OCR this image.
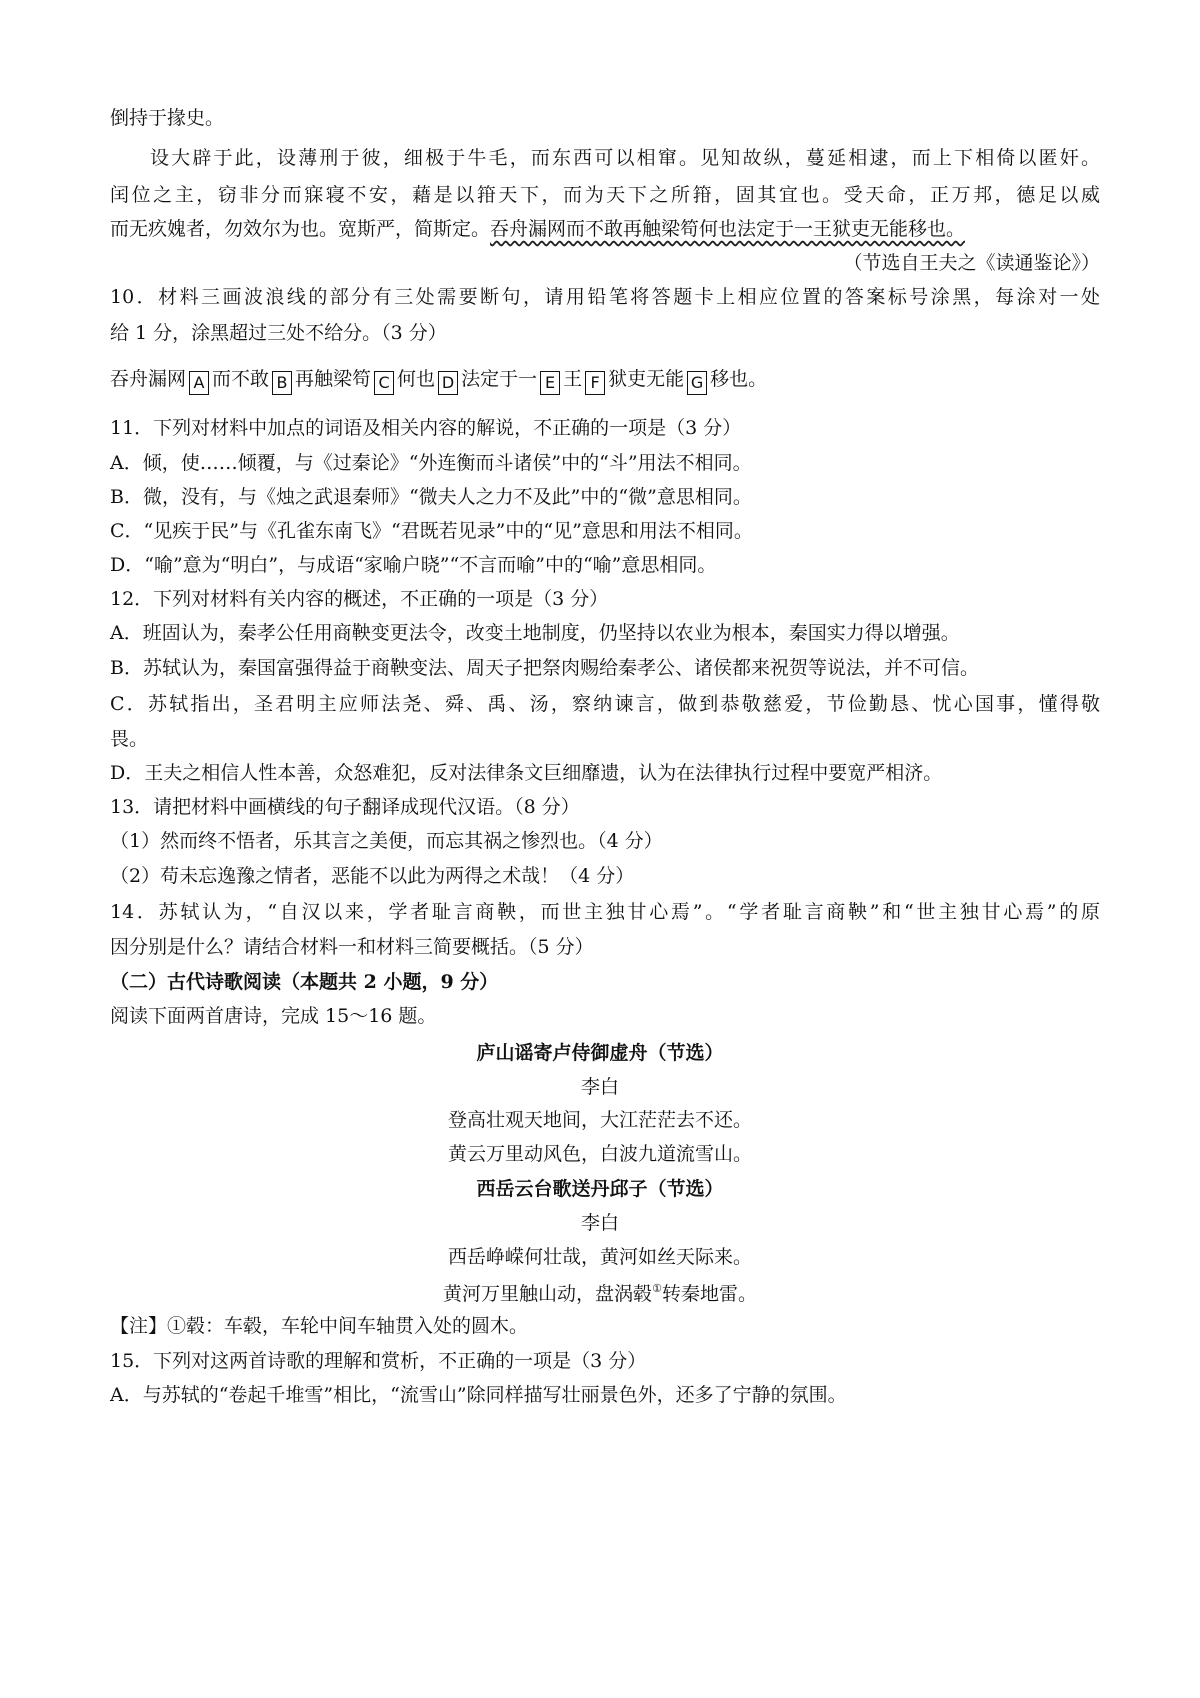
倒持于掾史。
设大辟于此，设薄刑于彼，细极于牛毛，而东西可以相窜。见知故纵，蔓延相逮，而上下相倚以匿奸。
闰位之主，窃非分而寐寝不安，藉是以箝天下，而为天下之所箝，固其宜也。受天命，正万邦，德足以威
而无疚媿者，勿效尔为也。宽斯严，简斯定。吞舟漏网而不敢再触梁笱何也法定于一王狱吏无能移也。
（节选自王夫之《读通鉴论》）
10．材料三画波浪线的部分有三处需要断句，请用铅笔将答题卡上相应位置的答案标号涂黑，每涂对一处
给 1 分，涂黑超过三处不给分。（3 分）
吞舟漏网 A 而不敢 B 再触梁笱 C 何也 D 法定于一 E 王 F 狱吏无能 G 移也。
11．下列对材料中加点的词语及相关内容的解说，不正确的一项是（3 分）
A．倾，使……倾覆，与《过秦论》“外连衡而斗诸侯”中的“斗”用法不相同。
B．微，没有，与《烛之武退秦师》“微夫人之力不及此”中的“微”意思相同。
C．“见疾于民”与《孔雀东南飞》“君既若见录”中的“见”意思和用法不相同。
D．“喻”意为“明白”，与成语“家喻户晓”“不言而喻”中的“喻”意思相同。
12．下列对材料有关内容的概述，不正确的一项是（3 分）
A．班固认为，秦孝公任用商鞅变更法令，改变土地制度，仍坚持以农业为根本，秦国实力得以增强。
B．苏轼认为，秦国富强得益于商鞅变法、周天子把祭肉赐给秦孝公、诸侯都来祝贺等说法，并不可信。
C．苏轼指出，圣君明主应师法尧、舜、禹、汤，察纳谏言，做到恭敬慈爱，节俭勤恳、忧心国事，懂得敬
畏。
D．王夫之相信人性本善，众怒难犯，反对法律条文巨细靡遗，认为在法律执行过程中要宽严相济。
13．请把材料中画横线的句子翻译成现代汉语。（8 分）
（1）然而终不悟者，乐其言之美便，而忘其祸之惨烈也。（4 分）
（2）苟未忘逸豫之情者，恶能不以此为两得之术哉！（4 分）
14．苏轼认为，“自汉以来，学者耻言商鞅，而世主独甘心焉”。“学者耻言商鞅”和“世主独甘心焉”的原
因分别是什么？请结合材料一和材料三简要概括。（5 分）
（二）古代诗歌阅读（本题共 2 小题，9 分）
阅读下面两首唐诗，完成 15～16 题。
庐山谣寄卢侍御虚舟（节选）
李白
登高壮观天地间，大江茫茫去不还。
黄云万里动风色，白波九道流雪山。
西岳云台歌送丹邱子（节选）
李白
西岳峥嵘何壮哉，黄河如丝天际来。
黄河万里触山动，盘涡毂①转秦地雷。
【注】①毂：车毂，车轮中间车轴贯入处的圆木。
15．下列对这两首诗歌的理解和赏析，不正确的一项是（3 分）
A．与苏轼的“卷起千堆雪”相比，“流雪山”除同样描写壮丽景色外，还多了宁静的氛围。
